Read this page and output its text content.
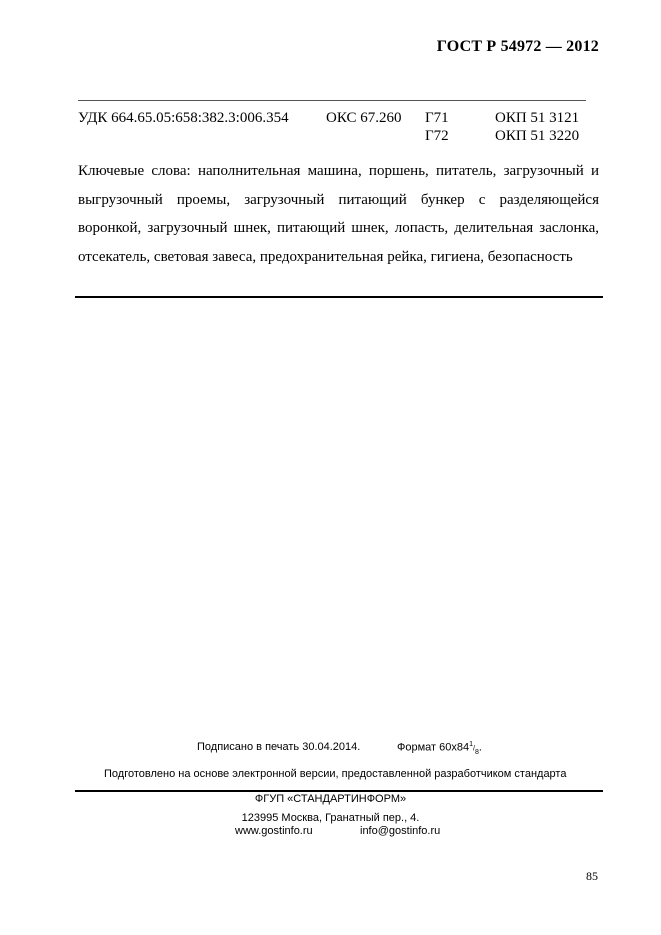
ГОСТ Р 54972 — 2012
УДК 664.65.05:658:382.3:006.354 ОКС 67.260 Г71
Г72
ОКП 51 3121
ОКП 51 3220
Ключевые слова: наполнительная машина, поршень, питатель, загрузочный и выгрузочный проемы, загрузочный питающий бункер с разделяющейся воронкой, загрузочный шнек, питающий шнек, лопасть, делительная заслонка, отсекатель, световая завеса, предохранительная рейка, гигиена, безопасность
Подписано в печать 30.04.2014.	Формат $60х84^1/_8$.
Подготовлено на основе электронной версии, предоставленной разработчиком стандарта
ФГУП «СТАНДАРТИНФОРМ»
123995 Москва, Гранатный пер., 4.
www.gostinfo.ru	info@gostinfo.ru
85
